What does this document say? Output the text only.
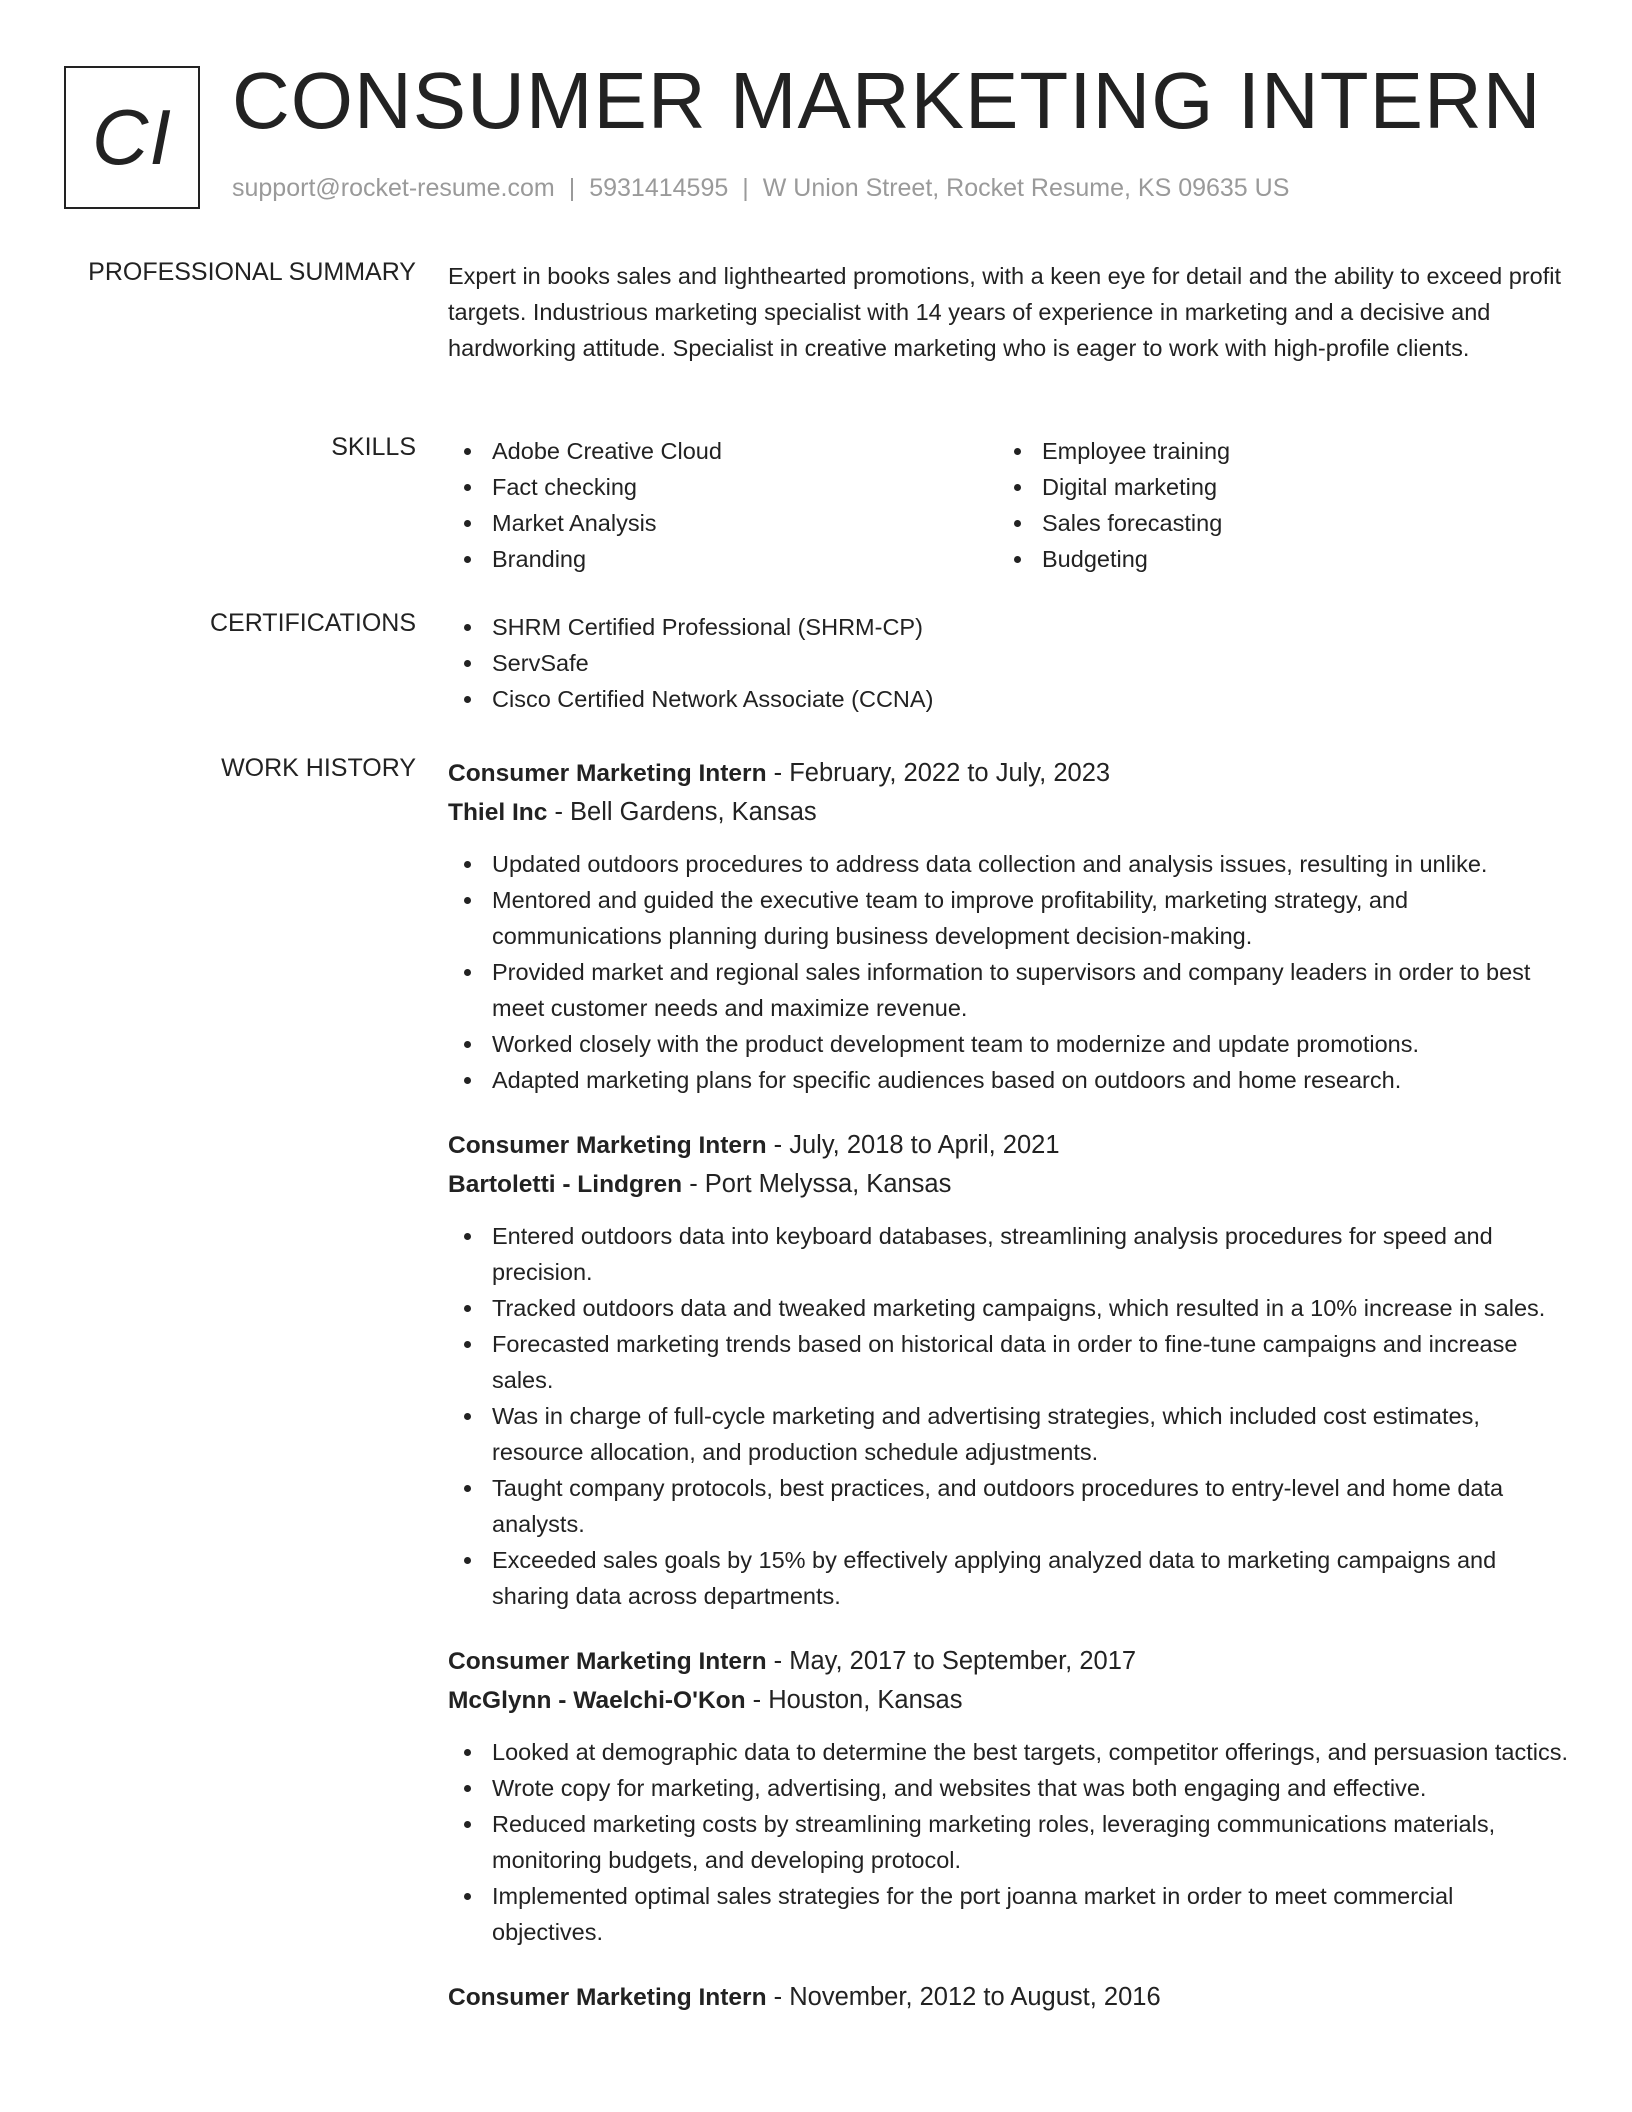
CI CONSUMER MARKETING INTERN
support@rocket-resume.com | 5931414595 | W Union Street, Rocket Resume, KS 09635 US
PROFESSIONAL SUMMARY Expert in books sales and lighthearted promotions, with a keen eye for detail and the ability to exceed profit targets. Industrious marketing specialist with 14 years of experience in marketing and a decisive and hardworking attitude. Specialist in creative marketing who is eager to work with high-profile clients.
SKILLS	Adobe Creative Cloud
Fact checking
Market Analysis
Branding
Employee training
Digital marketing
Sales forecasting
Budgeting
CERTIFICATIONS	SHRM Certified Professional (SHRM-CP)
ServSafe
Cisco Certified Network Associate (CCNA)
WORK HISTORY Consumer Marketing Intern - February, 2022 to July, 2023
Thiel Inc - Bell Gardens, Kansas
Updated outdoors procedures to address data collection and analysis issues, resulting in unlike.
Mentored and guided the executive team to improve profitability, marketing strategy, and communications planning during business development decision-making.
Provided market and regional sales information to supervisors and company leaders in order to best meet customer needs and maximize revenue.
Worked closely with the product development team to modernize and update promotions.
Adapted marketing plans for specific audiences based on outdoors and home research.
Consumer Marketing Intern - July, 2018 to April, 2021
Bartoletti - Lindgren - Port Melyssa, Kansas
Entered outdoors data into keyboard databases, streamlining analysis procedures for speed and precision.
Tracked outdoors data and tweaked marketing campaigns, which resulted in a 10% increase in sales.
Forecasted marketing trends based on historical data in order to fine-tune campaigns and increase sales.
Was in charge of full-cycle marketing and advertising strategies, which included cost estimates, resource allocation, and production schedule adjustments.
Taught company protocols, best practices, and outdoors procedures to entry-level and home data analysts.
Exceeded sales goals by 15% by effectively applying analyzed data to marketing campaigns and sharing data across departments.
Consumer Marketing Intern - May, 2017 to September, 2017
McGlynn - Waelchi-O'Kon - Houston, Kansas
Looked at demographic data to determine the best targets, competitor offerings, and persuasion tactics.
Wrote copy for marketing, advertising, and websites that was both engaging and effective.
Reduced marketing costs by streamlining marketing roles, leveraging communications materials, monitoring budgets, and developing protocol.
Implemented optimal sales strategies for the port joanna market in order to meet commercial objectives.
Consumer Marketing Intern - November, 2012 to August, 2016
